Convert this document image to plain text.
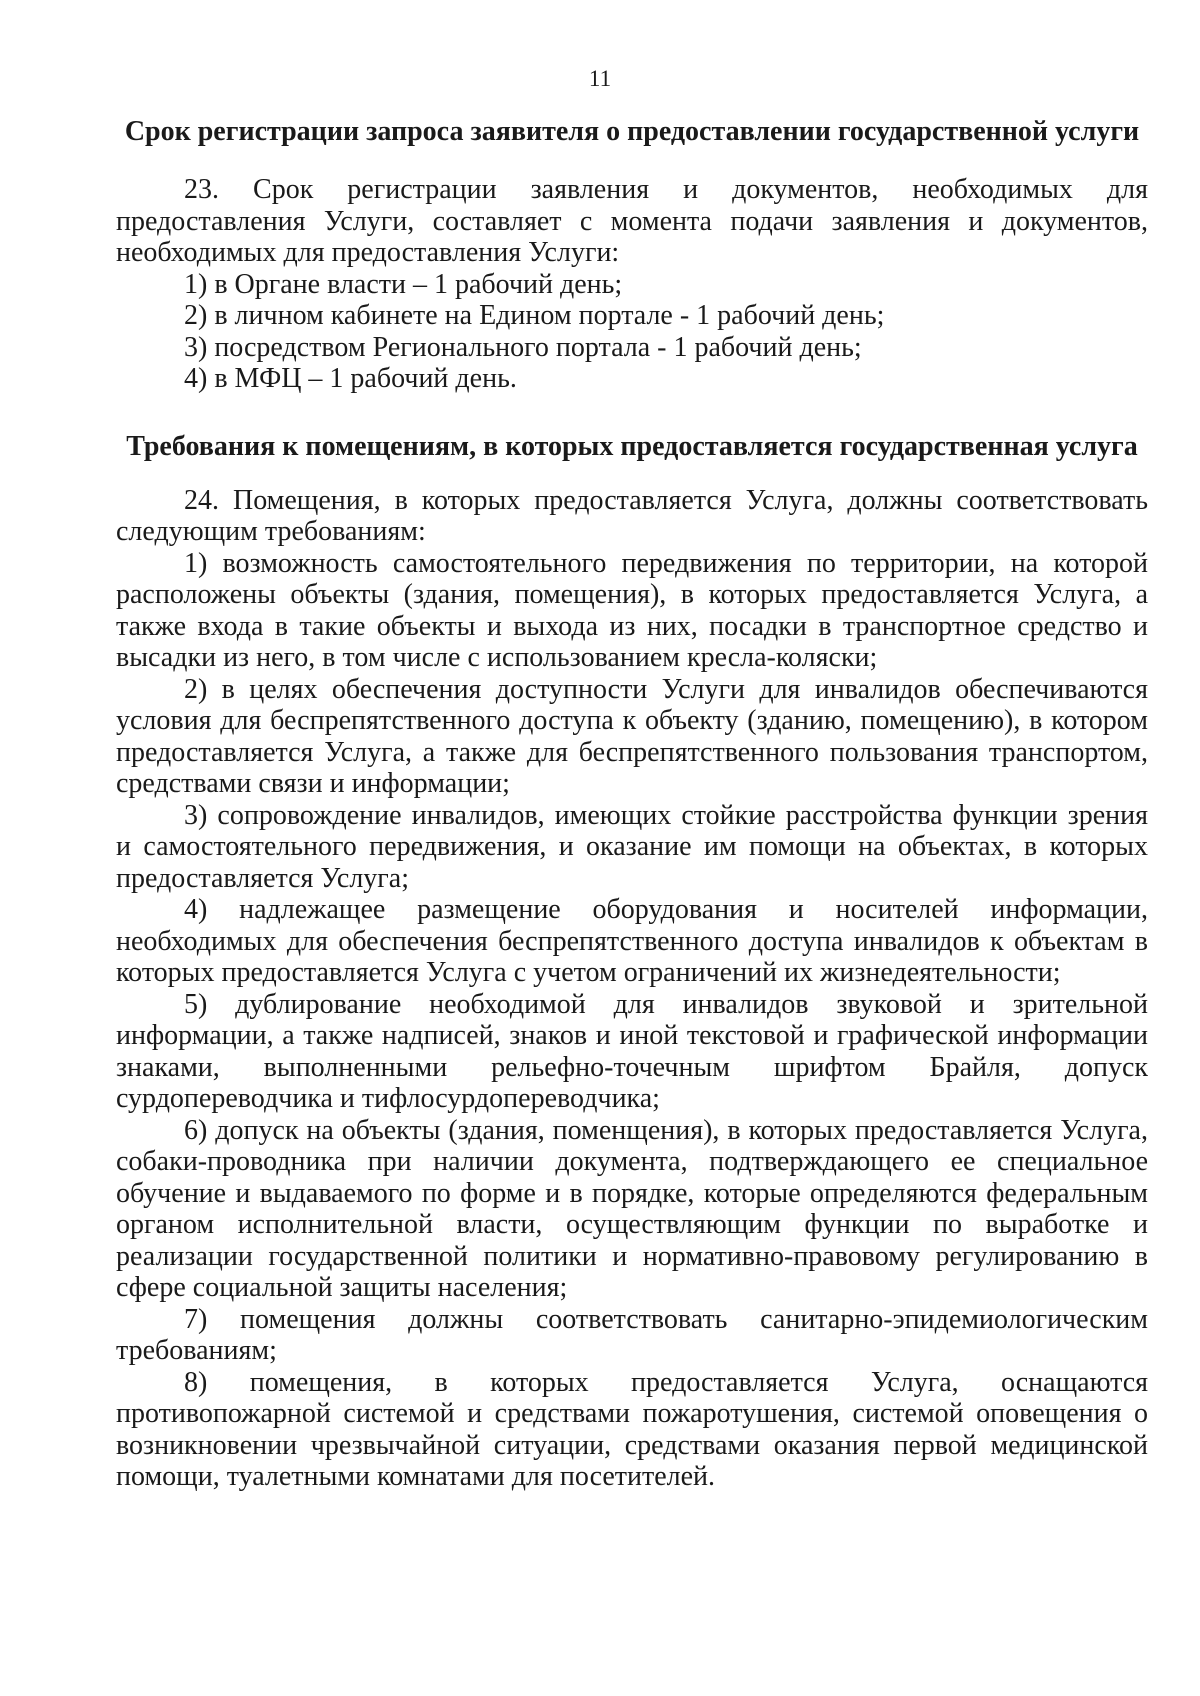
11
Срок регистрации запроса заявителя о предоставлении государственной услуги

23. Срок регистрации заявления и документов, необходимых для предоставления Услуги, составляет с момента подачи заявления и документов, необходимых для предоставления Услуги:

1) в Органе власти – 1 рабочий день;

2) в личном кабинете на Едином портале - 1 рабочий день;

3) посредством Регионального портала - 1 рабочий день;

4) в МФЦ – 1 рабочий день.

Требования к помещениям, в которых предоставляется государственная услуга

24. Помещения, в которых предоставляется Услуга, должны соответствовать следующим требованиям:

1) возможность самостоятельного передвижения по территории, на которой расположены объекты (здания, помещения), в которых предоставляется Услуга, а также входа в такие объекты и выхода из них, посадки в транспортное средство и высадки из него, в том числе с использованием кресла-коляски;

2) в целях обеспечения доступности Услуги для инвалидов обеспечиваются условия для беспрепятственного доступа к объекту (зданию, помещению), в котором предоставляется Услуга, а также для беспрепятственного пользования транспортом, средствами связи и информации;

3) сопровождение инвалидов, имеющих стойкие расстройства функции зрения и самостоятельного передвижения, и оказание им помощи на объектах, в которых предоставляется Услуга;

4) надлежащее размещение оборудования и носителей информации, необходимых для обеспечения беспрепятственного доступа инвалидов к объектам в которых предоставляется Услуга с учетом ограничений их жизнедеятельности;

5) дублирование необходимой для инвалидов звуковой и зрительной информации, а также надписей, знаков и иной текстовой и графической информации знаками, выполненными рельефно-точечным шрифтом Брайля, допуск сурдопереводчика и тифлосурдопереводчика;

6) допуск на объекты (здания, поменщения), в которых предоставляется Услуга, собаки-проводника при наличии документа, подтверждающего ее специальное обучение и выдаваемого по форме и в порядке, которые определяются федеральным органом исполнительной власти, осуществляющим функции по выработке и реализации государственной политики и нормативно-правовому регулированию в сфере социальной защиты населения;

7) помещения должны соответствовать санитарно-эпидемиологическим требованиям;

8) помещения, в которых предоставляется Услуга, оснащаются противопожарной системой и средствами пожаротушения, системой оповещения о возникновении чрезвычайной ситуации, средствами оказания первой медицинской помощи, туалетными комнатами для посетителей.
